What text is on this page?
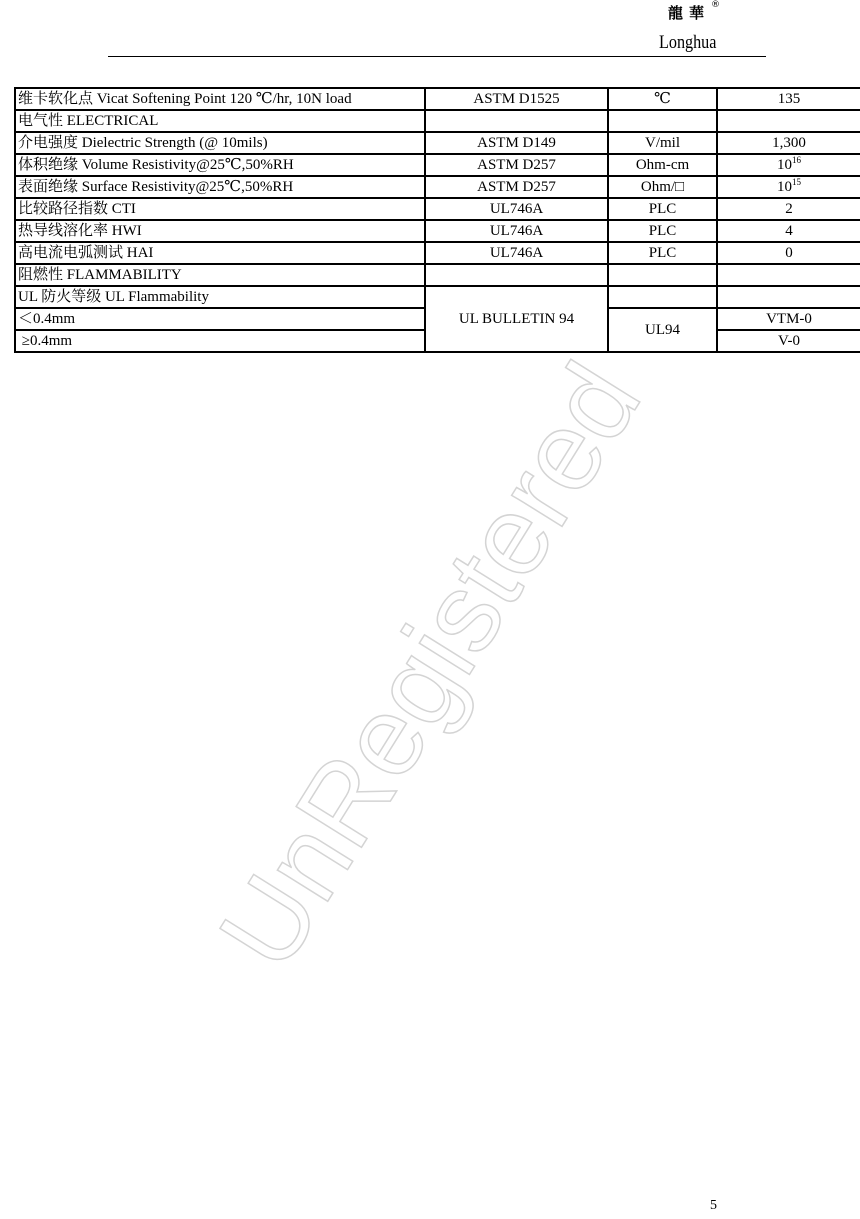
龍華 ®
Longhua
维卡软化点 Vicat Softening Point 120 ℃/hr, 10N load	ASTM D1525	℃	135
电气性 ELECTRICAL			
介电强度 Dielectric Strength (@ 10mils)	ASTM D149	V/mil	1,300
体积绝缘 Volume Resistivity@25℃,50%RH	ASTM D257	Ohm-cm	$10^{16}$
表面绝缘 Surface Resistivity@25℃,50%RH	ASTM D257	Ohm/□	$10^{15}$
比较路径指数 CTI	UL746A	PLC	2
热导线溶化率 HWI	UL746A	PLC	4
高电流电弧测试 HAI	UL746A	PLC	0
阻燃性 FLAMMABILITY			
UL 防火等级 UL Flammability	UL BULLETIN 94		
＜0.4mm		UL94	VTM-0
≥0.4mm			V-0
UnRegistered
5
